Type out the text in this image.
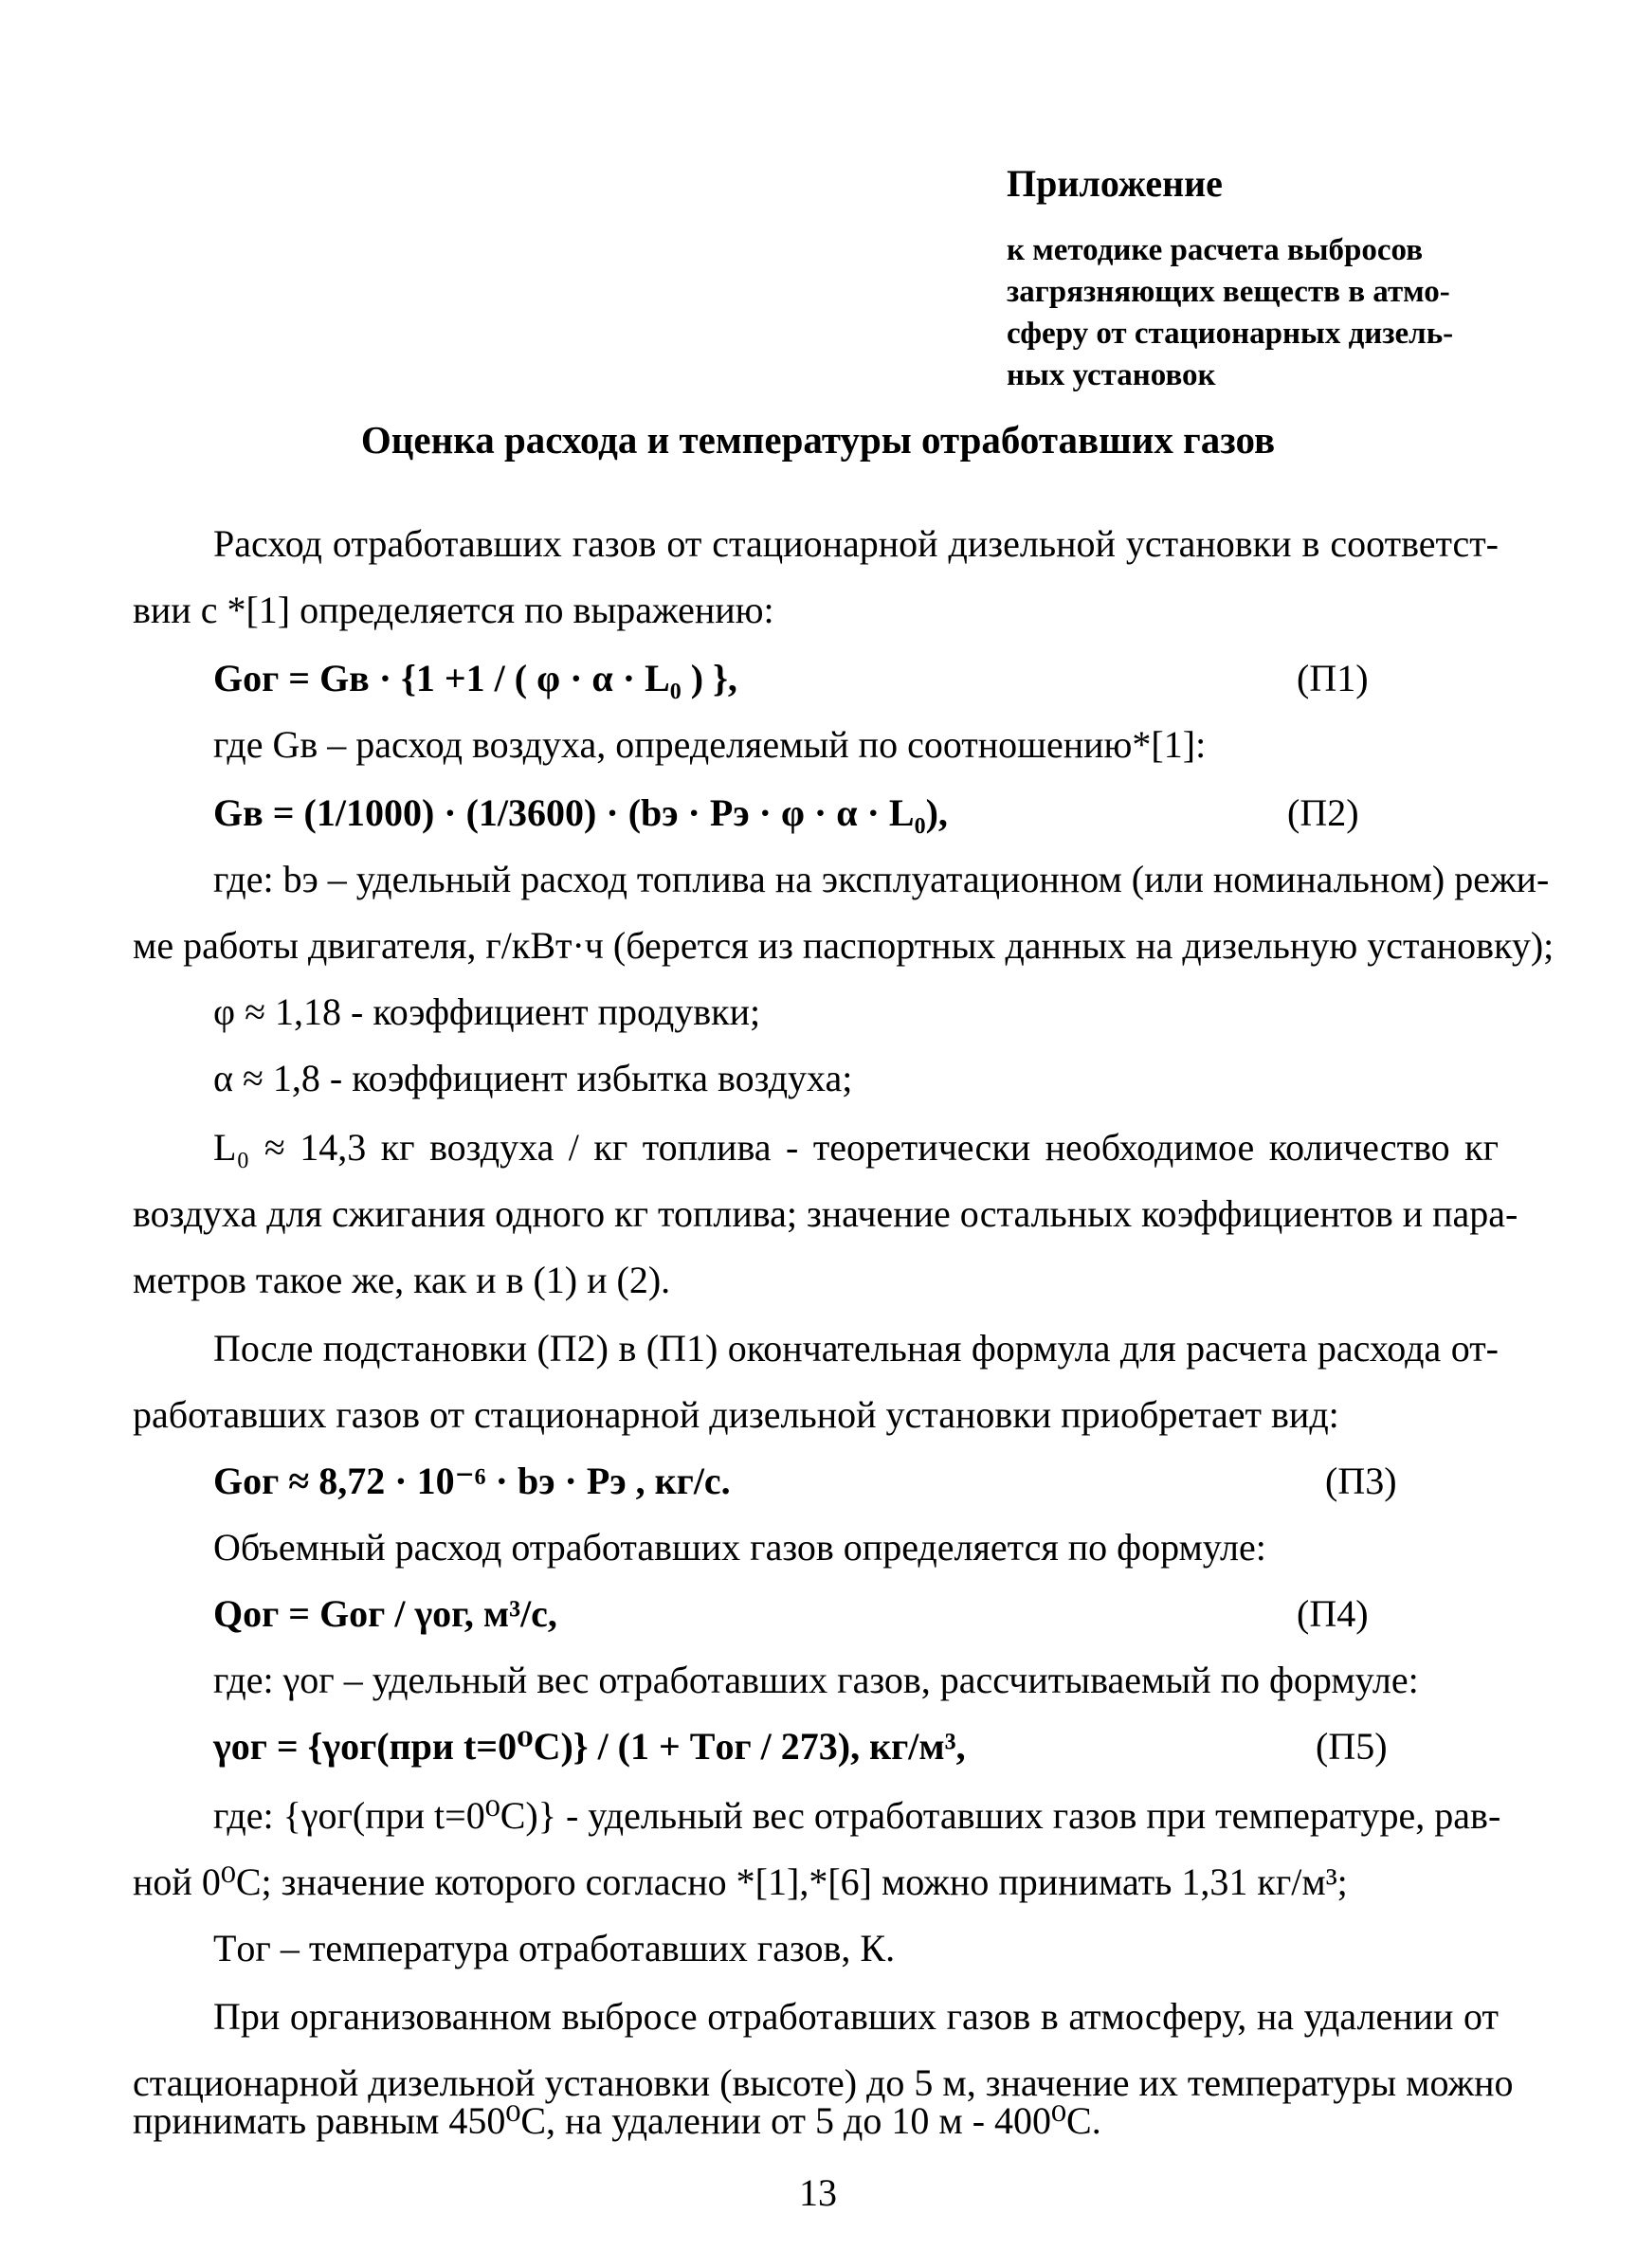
Приложение
к методике расчета выбросов
загрязняющих веществ в атмо-
сферу от стационарных дизель-
ных установок
Оценка расхода и температуры отработавших газов
Расход отработавших газов от стационарной дизельной установки в соответст-
вии с *[1] определяется по выражению:
Gог = Gв · {1 +1 / ( φ · α · L₀ ) },	(П1)
где Gв – расход воздуха, определяемый по соотношению*[1]:
Gв = (1/1000) · (1/3600) · (bэ · Pэ · φ · α · L₀),	(П2)
где: bэ – удельный расход топлива на эксплуатационном (или номинальном) режи-
ме работы двигателя, г/кВт·ч (берется из паспортных данных на дизельную установку);
φ ≈ 1,18 - коэффициент продувки;
α ≈ 1,8 - коэффициент избытка воздуха;
L₀ ≈ 14,3 кг воздуха / кг топлива - теоретически необходимое количество кг
воздуха для сжигания одного кг топлива; значение остальных коэффициентов и пара-
метров такое же, как и в (1) и (2).
После подстановки (П2) в (П1) окончательная формула для расчета расхода от-
работавших газов от стационарной дизельной установки приобретает вид:
Gог ≈ 8,72 · 10⁻⁶ · bэ · Pэ , кг/с.	(П3)
Объемный расход отработавших газов определяется по формуле:
Qог = Gог / γог, м³/с,	(П4)
где: γог – удельный вес отработавших газов, рассчитываемый по формуле:
γог = {γог(при t=0⁰C)} / (1 + Tог / 273), кг/м³,	(П5)
где: {γог(при t=0⁰C)} - удельный вес отработавших газов при температуре, рав-
ной 0⁰С; значение которого согласно *[1],*[6] можно принимать 1,31 кг/м³;
Tог – температура отработавших газов, К.
При организованном выбросе отработавших газов в атмосферу, на удалении от
стационарной дизельной установки (высоте) до 5 м, значение их температуры можно
принимать равным 450⁰С, на удалении от 5 до 10 м - 400⁰С.
13
